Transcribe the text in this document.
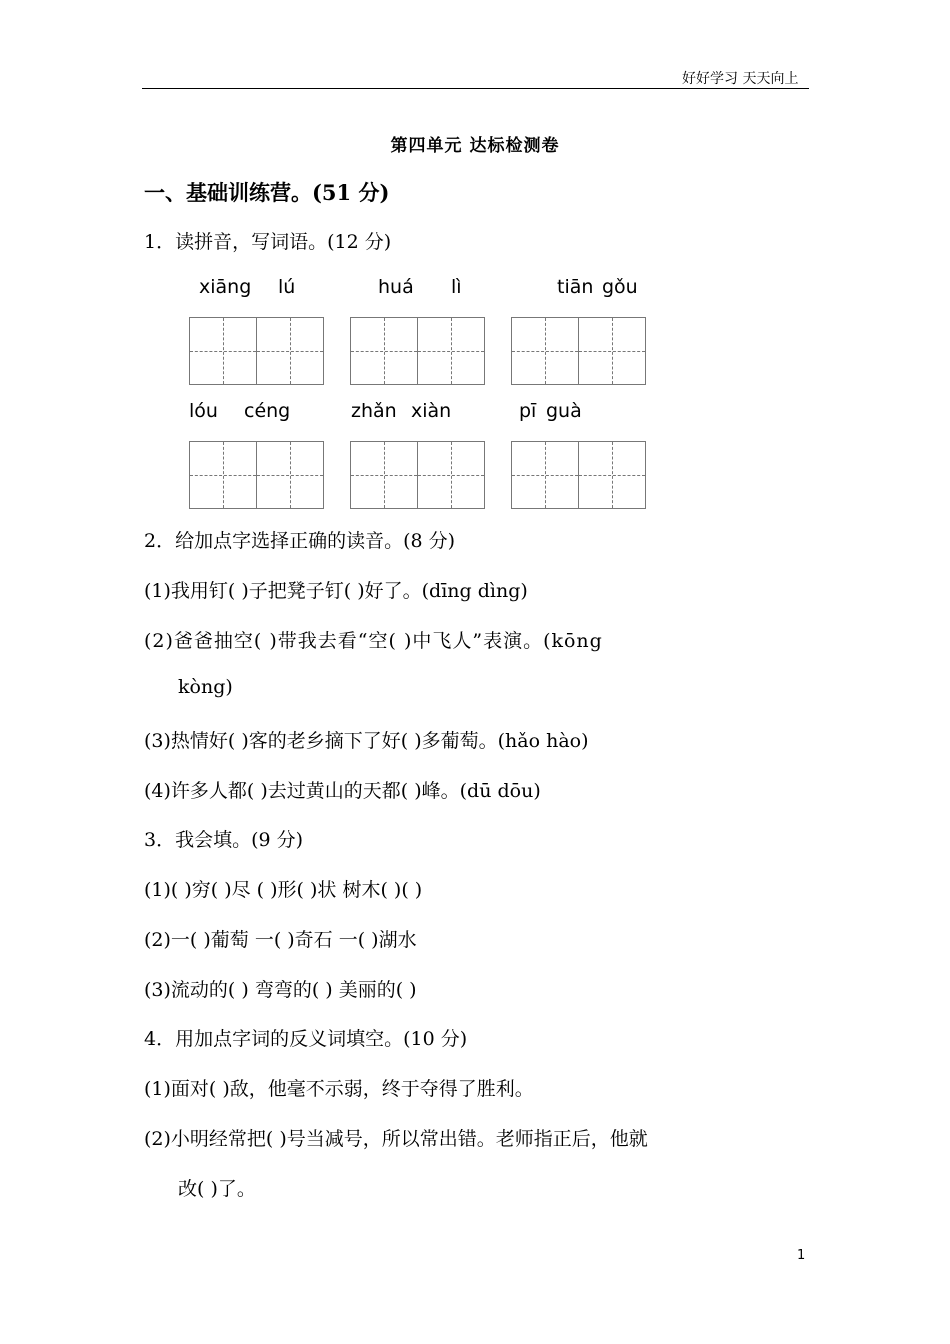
好好学习 天天向上
第四单元 达标检测卷
一、基础训练营。(51 分)
1．读拼音，写词语。(12 分)
xiāng lú	huá lì	tiān gǒu
lóu céng	zhǎn xiàn	pī guà
2．给加点字选择正确的读音。(8 分)
(1)我用钉( )子把凳子钉( )好了。(dīng dìng)
(2)爸爸抽空( )带我去看“空( )中飞人”表演。(kōng
kòng)
(3)热情好( )客的老乡摘下了好( )多葡萄。(hǎo hào)
(4)许多人都( )去过黄山的天都( )峰。(dū dōu)
3．我会填。(9 分)
(1)( )穷( )尽 ( )形( )状 树木( )( )
(2)一( )葡萄 一( )奇石 一( )湖水
(3)流动的( ) 弯弯的( ) 美丽的( )
4．用加点字词的反义词填空。(10 分)
(1)面对( )敌，他毫不示弱，终于夺得了胜利。
(2)小明经常把( )号当减号，所以常出错。老师指正后，他就
改( )了。
1
